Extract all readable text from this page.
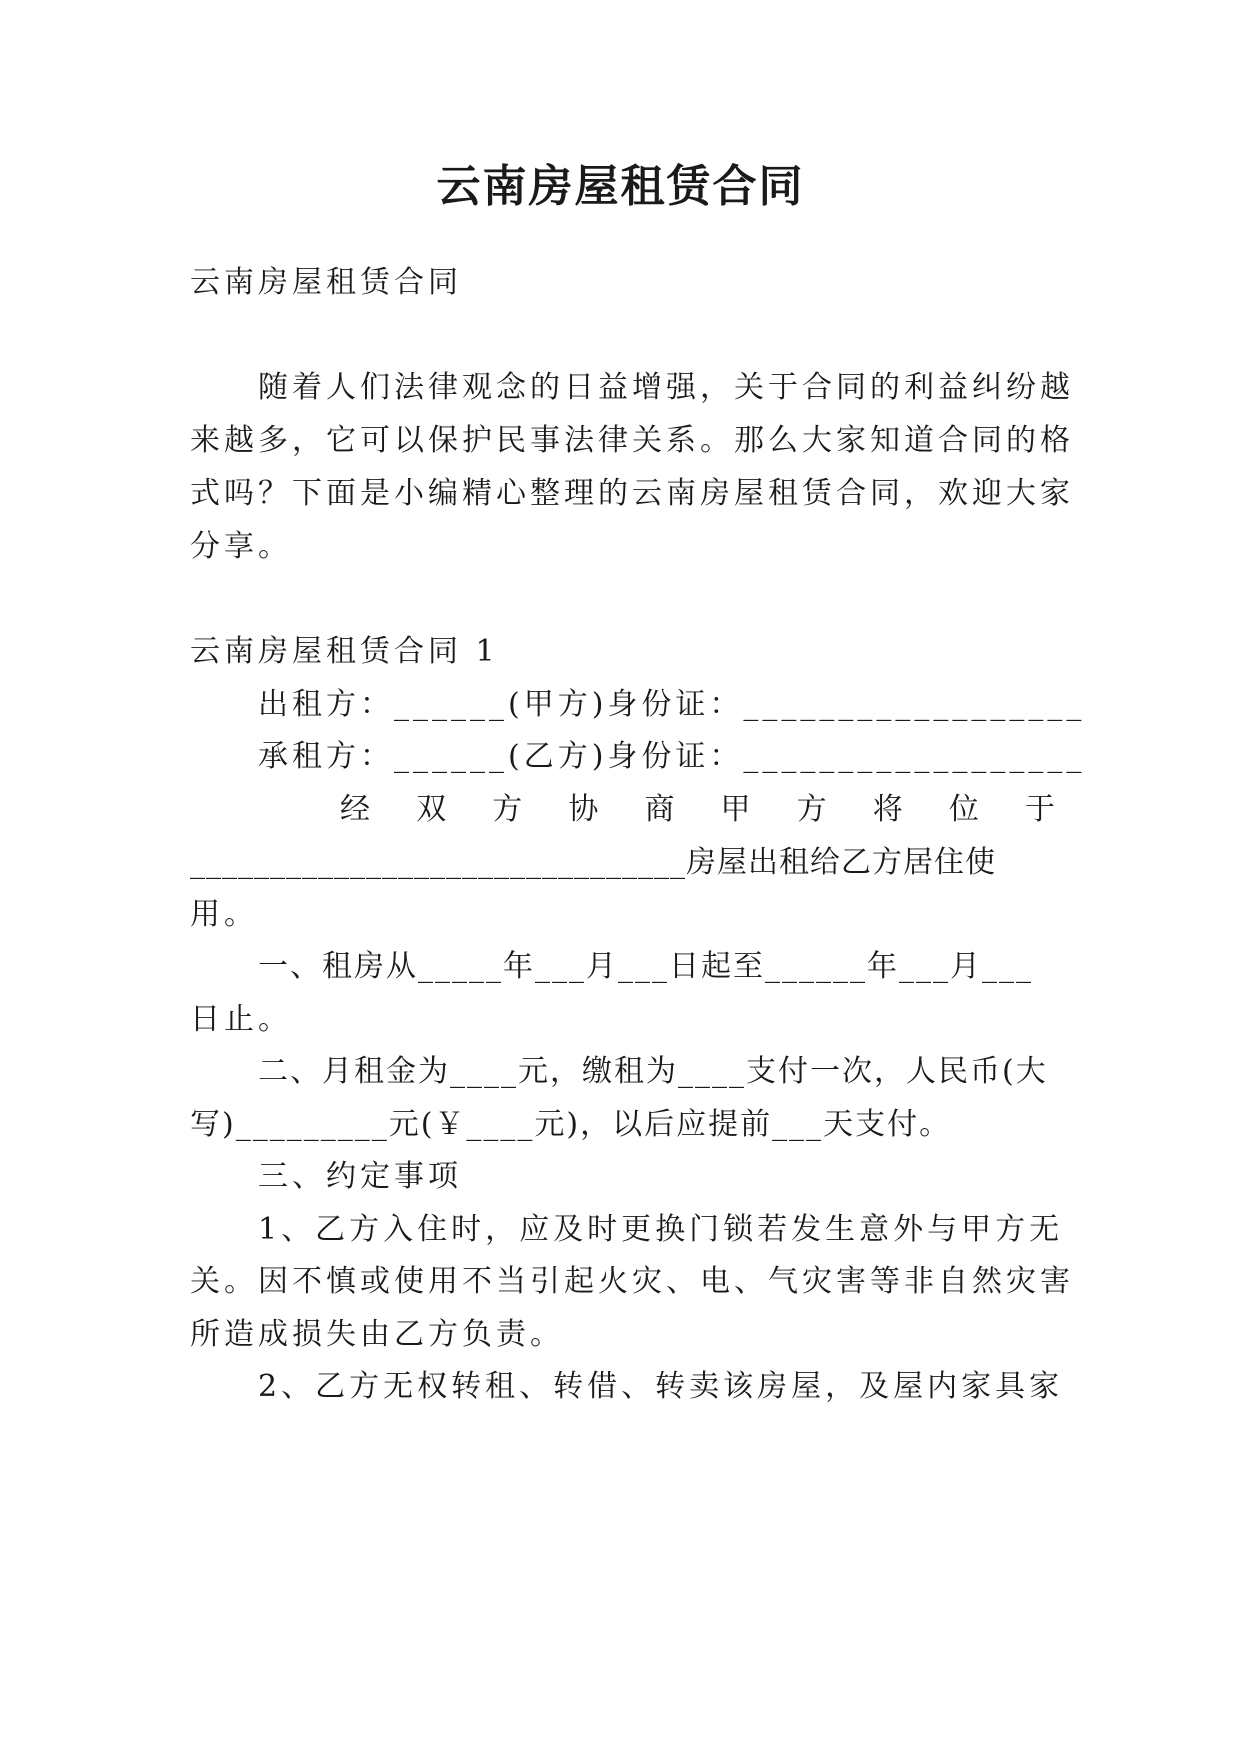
云南房屋租赁合同

云南房屋租赁合同

随着人们法律观念的日益增强，关于合同的利益纠纷越

来越多，它可以保护民事法律关系。那么大家知道合同的格

式吗？下面是小编精心整理的云南房屋租赁合同，欢迎大家

分享。

云南房屋租赁合同 1

出租方：______(甲方)身份证：__________________

承租方：______(乙方)身份证：__________________

经 双 方 协 商 甲 方 将 位 于

_______________________________房屋出租给乙方居住使

用。

一、租房从_____年___月___日起至______年___月___

日止。

二、月租金为____元，缴租为____支付一次，人民币(大

写)_________元(￥____元)，以后应提前___天支付。

三、约定事项

1、乙方入住时，应及时更换门锁若发生意外与甲方无

关。因不慎或使用不当引起火灾、电、气灾害等非自然灾害

所造成损失由乙方负责。

2、乙方无权转租、转借、转卖该房屋，及屋内家具家
